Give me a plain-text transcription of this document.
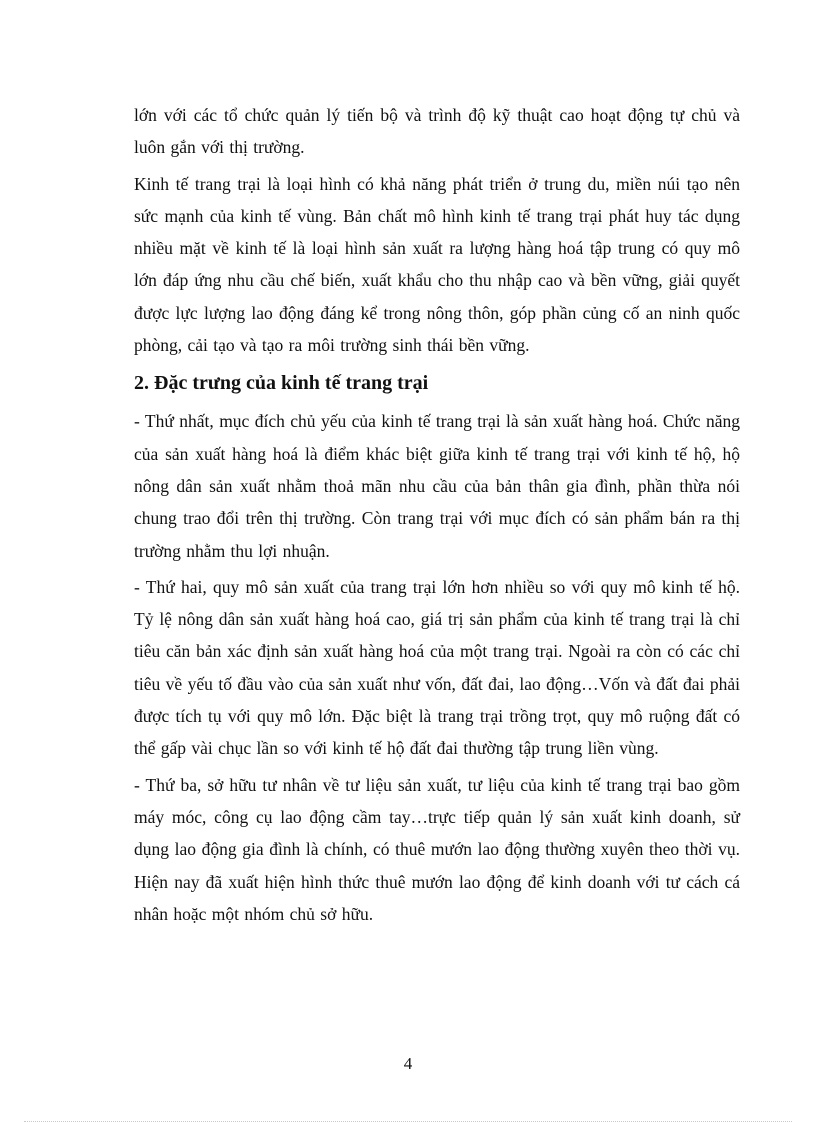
lớn với các tổ chức quản lý tiến bộ và trình độ kỹ thuật cao hoạt động tự chủ và luôn gắn với thị trường.

Kinh tế trang trại là loại hình có khả năng phát triển ở trung du, miền núi tạo nên sức mạnh của kinh tế vùng. Bản chất mô hình kinh tế trang trại phát huy tác dụng nhiều mặt về kinh tế là loại hình sản xuất ra lượng hàng hoá tập trung có quy mô lớn đáp ứng nhu cầu chế biến, xuất khẩu cho thu nhập cao và bền vững, giải quyết được lực lượng lao động đáng kể trong nông thôn, góp phần củng cố an ninh quốc phòng, cải tạo và tạo ra môi trường sinh thái bền vững.

2. Đặc trưng của kinh tế trang trại

- Thứ nhất, mục đích chủ yếu của kinh tế trang trại là sản xuất hàng hoá. Chức năng của sản xuất hàng hoá là điểm khác biệt giữa kinh tế trang trại với kinh tế hộ, hộ nông dân sản xuất nhằm thoả mãn nhu cầu của bản thân gia đình, phần thừa nói chung trao đổi trên thị trường. Còn trang trại với mục đích có sản phẩm bán ra thị trường nhằm thu lợi nhuận.

- Thứ hai, quy mô sản xuất của trang trại lớn hơn nhiều so với quy mô kinh tế hộ. Tỷ lệ nông dân sản xuất hàng hoá cao, giá trị sản phẩm của kinh tế trang trại là chỉ tiêu căn bản xác định sản xuất hàng hoá của một trang trại. Ngoài ra còn có các chỉ tiêu về yếu tố đầu vào của sản xuất như vốn, đất đai, lao động…Vốn và đất đai phải được tích tụ với quy mô lớn. Đặc biệt là trang trại trồng trọt, quy mô ruộng đất có thể gấp vài chục lần so với kinh tế hộ đất đai thường tập trung liền vùng.

- Thứ ba, sở hữu tư nhân về tư liệu sản xuất, tư liệu của kinh tế trang trại bao gồm máy móc, công cụ lao động cầm tay…trực tiếp quản lý sản xuất kinh doanh, sử dụng lao động gia đình là chính, có thuê mướn lao động thường xuyên theo thời vụ. Hiện nay đã xuất hiện hình thức thuê mướn lao động để kinh doanh với tư cách cá nhân hoặc một nhóm chủ sở hữu.

4
